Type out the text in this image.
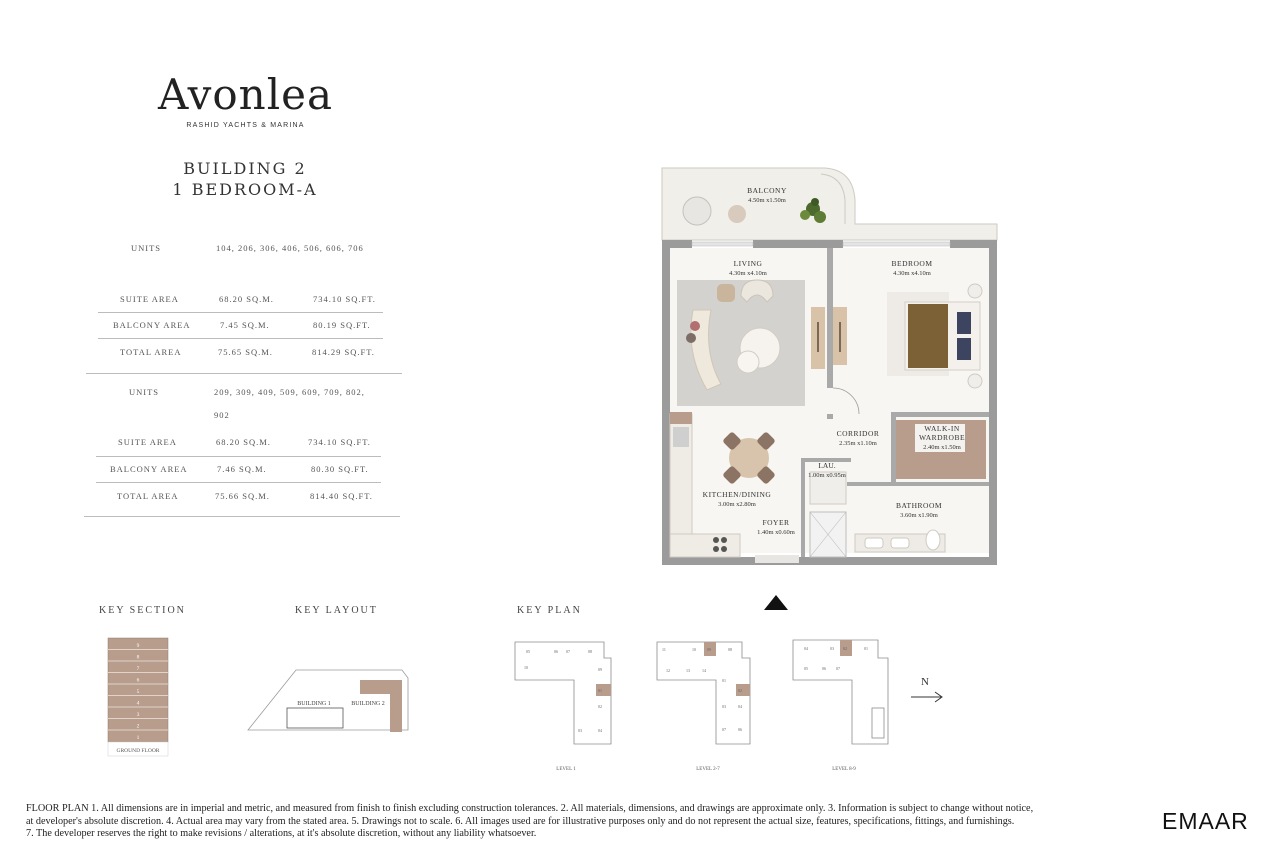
Avonlea
RASHID YACHTS & MARINA
BUILDING 2
1 BEDROOM-A
UNITS	104, 206, 306, 406, 506, 606, 706
SUITE AREA	68.20 SQ.M.	734.10 SQ.FT.
BALCONY AREA	7.45 SQ.M.	80.19 SQ.FT.
TOTAL AREA	75.65 SQ.M.	814.29 SQ.FT.
UNITS	209, 309, 409, 509, 609, 709, 802,
902
SUITE AREA	68.20 SQ.M.	734.10 SQ.FT.
BALCONY AREA	7.46 SQ.M.	80.30 SQ.FT.
TOTAL AREA	75.66 SQ.M.	814.40 SQ.FT.
BALCONY
4.50m x1.50m
LIVING
4.30m x4.10m
BEDROOM
4.30m x4.10m
CORRIDOR
2.35m x1.10m
WALK-IN
WARDROBE
2.40m x1.50m
LAU.
1.00m x0.95m
KITCHEN/DINING
3.00m x2.80m
FOYER
1.40m x0.60m
BATHROOM
3.60m x1.90m
KEY SECTION	KEY LAYOUT	KEY PLAN
9
8
7
6
5
4
3
2
1
GROUND FLOOR
BUILDING 1	BUILDING 2
05	06 07	08
10	09
01
02
03	04
LEVEL 1
11	10	09	08
12	13	14
01
02
03	04
07	06
LEVEL 2-7
04	03 02	01
05	06	07
LEVEL 8-9
N
FLOOR PLAN 1. All dimensions are in imperial and metric, and measured from finish to finish excluding construction tolerances. 2. All materials, dimensions, and drawings are approximate only. 3. Information is subject to change without notice,
at developer's absolute discretion. 4. Actual area may vary from the stated area. 5. Drawings not to scale. 6. All images used are for illustrative purposes only and do not represent the actual size, features, specifications, fittings, and furnishings.
7. The developer reserves the right to make revisions / alterations, at it's absolute discretion, without any liability whatsoever.	EMAAR
